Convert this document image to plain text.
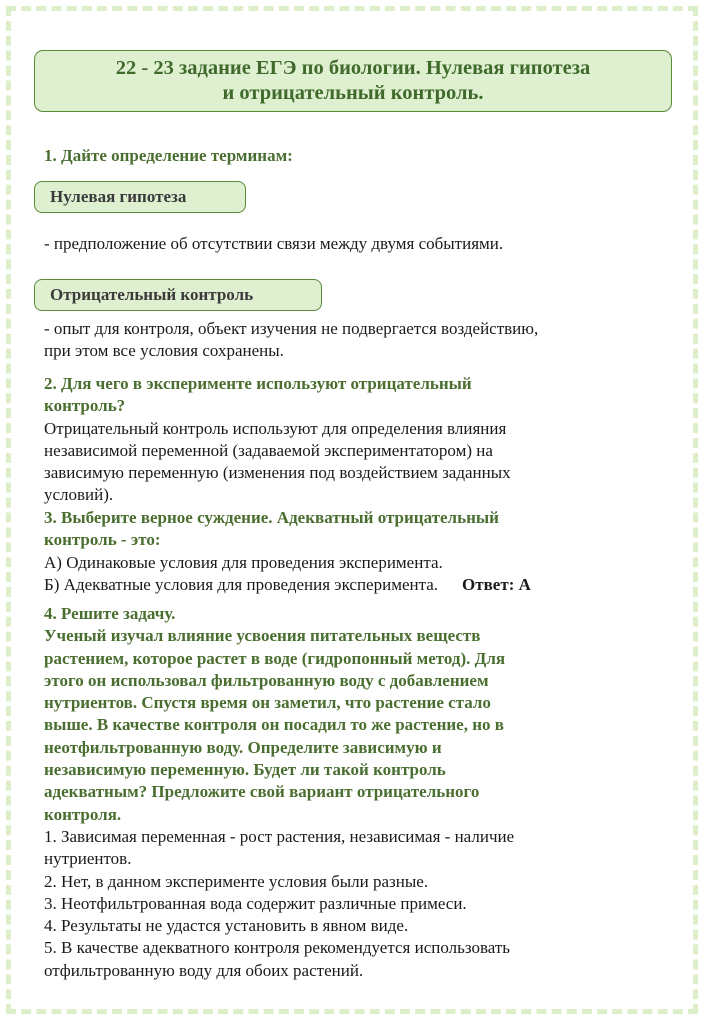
22 - 23 задание ЕГЭ по биологии. Нулевая гипотеза
и отрицательный контроль.
1. Дайте определение терминам:
Нулевая гипотеза
- предположение об отсутствии связи между двумя событиями.
Отрицательный контроль

- опыт для контроля, объект изучения не подвергается воздействию,

при этом все условия сохранены.

2. Для чего в эксперименте используют отрицательный

контроль?

Отрицательный контроль используют для определения влияния

независимой переменной (задаваемой экспериментатором) на

зависимую переменную (изменения под воздействием заданных

условий).

3. Выберите верное суждение. Адекватный отрицательный

контроль - это:

А) Одинаковые условия для проведения эксперимента.

Б) Адекватные условия для проведения эксперимента. Ответ: А

4. Решите задачу.

Ученый изучал влияние усвоения питательных веществ

растением, которое растет в воде (гидропонный метод). Для

этого он использовал фильтрованную воду с добавлением

нутриентов. Спустя время он заметил, что растение стало

выше. В качестве контроля он посадил то же растение, но в

неотфильтрованную воду. Определите зависимую и

независимую переменную. Будет ли такой контроль

адекватным? Предложите свой вариант отрицательного

контроля.

1. Зависимая переменная - рост растения, независимая - наличие

нутриентов.

2. Нет, в данном эксперименте условия были разные.

3. Неотфильтрованная вода содержит различные примеси.

4. Результаты не удастся установить в явном виде.

5. В качестве адекватного контроля рекомендуется использовать

отфильтрованную воду для обоих растений.
